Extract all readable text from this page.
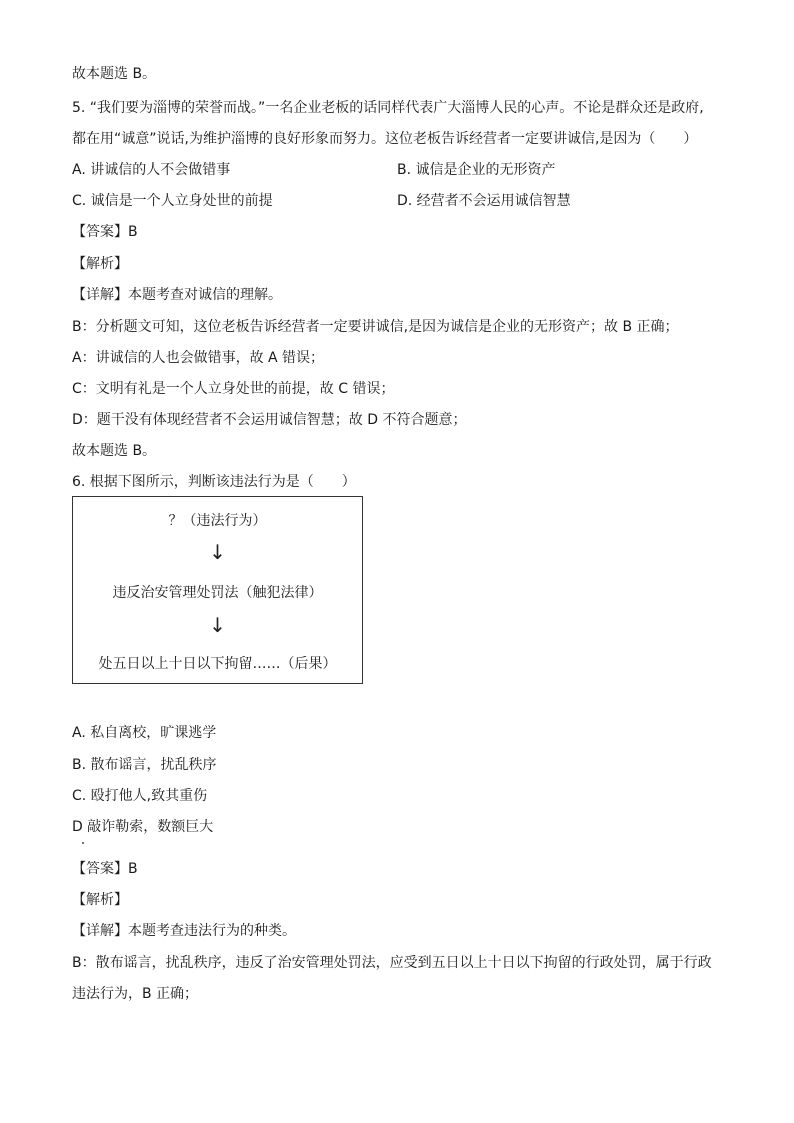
故本题选 B。
5. “我们要为淄博的荣誉而战。”一名企业老板的话同样代表广大淄博人民的心声。不论是群众还是政府,
都在用“诚意”说话,为维护淄博的良好形象而努力。这位老板告诉经营者一定要讲诚信,是因为（　　）
A. 讲诚信的人不会做错事	B. 诚信是企业的无形资产
C. 诚信是一个人立身处世的前提	D. 经营者不会运用诚信智慧
【答案】B
【解析】
【详解】本题考查对诚信的理解。
B：分析题文可知，这位老板告诉经营者一定要讲诚信,是因为诚信是企业的无形资产；故 B 正确；
A：讲诚信的人也会做错事，故 A 错误；
C：文明有礼是一个人立身处世的前提，故 C 错误；
D：题干没有体现经营者不会运用诚信智慧；故 D 不符合题意；
故本题选 B。
6. 根据下图所示，判断该违法行为是（　　）
？（违法行为）
↓
违反治安管理处罚法（触犯法律）
↓
处五日以上十日以下拘留……（后果）
A. 私自离校，旷课逃学
B. 散布谣言，扰乱秩序
C. 殴打他人,致其重伤
D 敲诈勒索，数额巨大
【答案】B
【解析】
【详解】本题考查违法行为的种类。
B：散布谣言，扰乱秩序，违反了治安管理处罚法，应受到五日以上十日以下拘留的行政处罚，属于行政
违法行为，B 正确；
